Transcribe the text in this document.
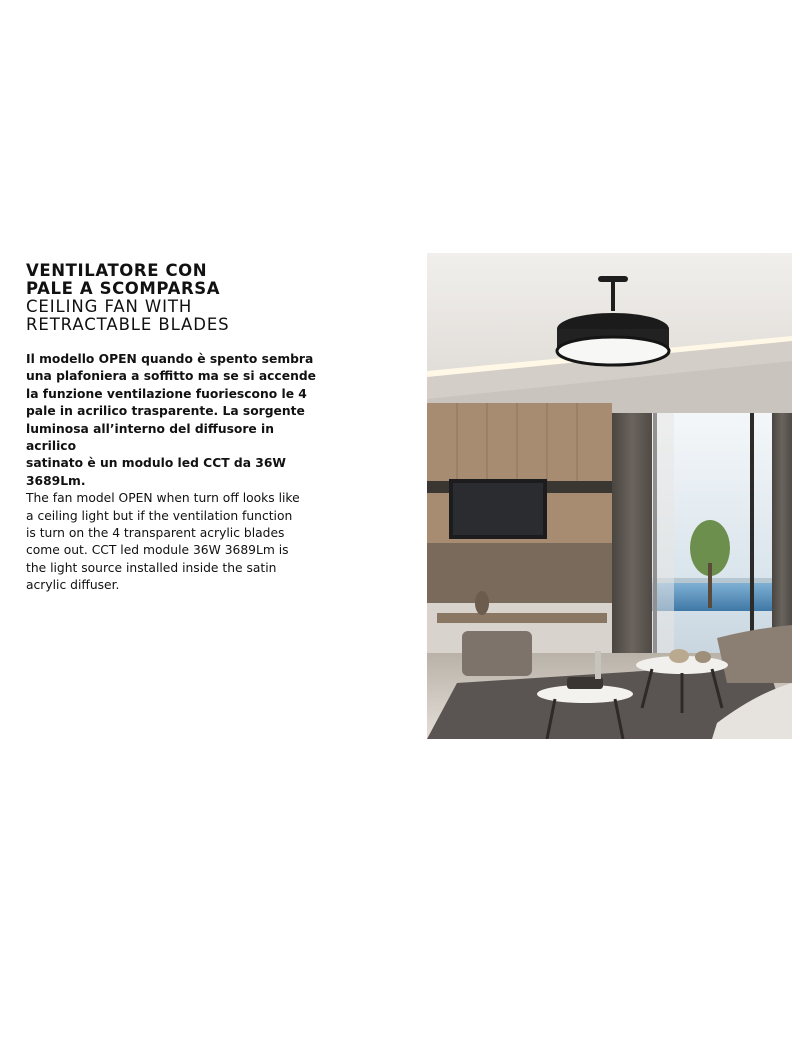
VENTILATORE CON
PALE A SCOMPARSA
CEILING FAN WITH
RETRACTABLE BLADES

Il modello OPEN quando è spento sembra
una plafoniera a soffitto ma se si accende
la funzione ventilazione fuoriescono le 4
pale in acrilico trasparente. La sorgente
luminosa all’interno del diffusore in acrilico
satinato è un modulo led CCT da 36W
3689Lm.

The fan model OPEN when turn off looks like
a ceiling light but if the ventilation function
is turn on the 4 transparent acrylic blades
come out. CCT led module 36W 3689Lm is
the light source installed inside the satin
acrylic diffuser.
